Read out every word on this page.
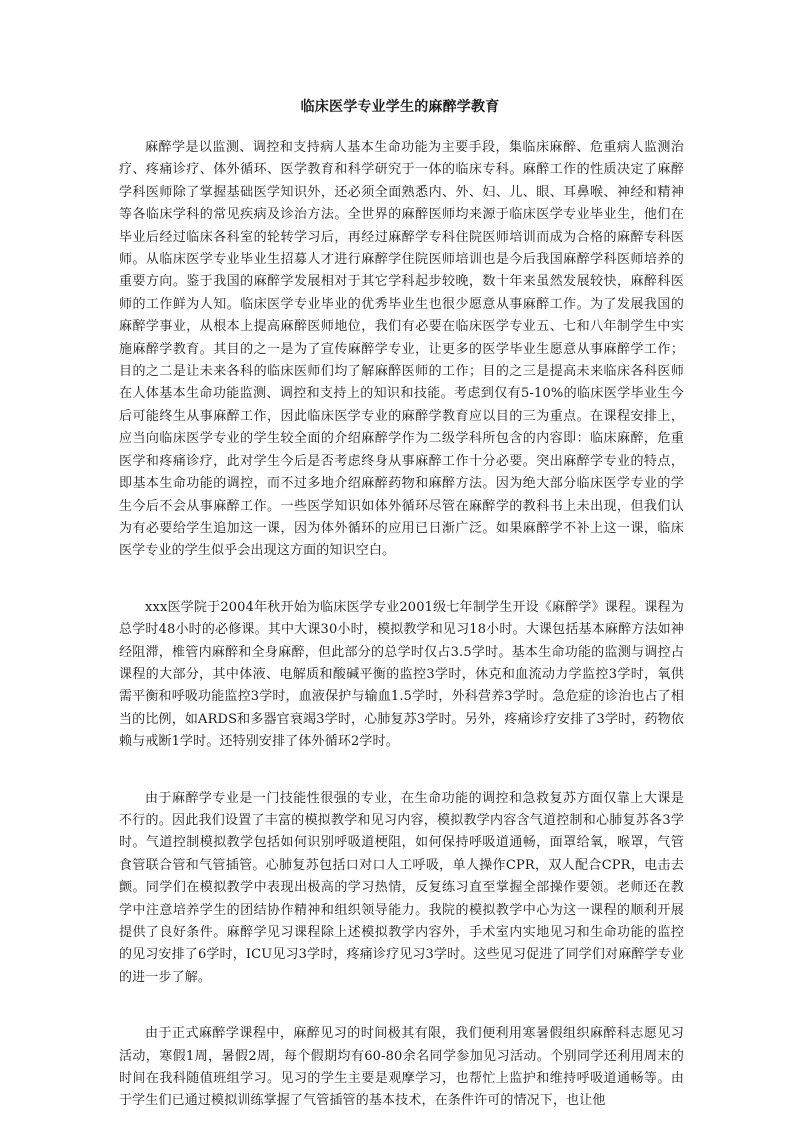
临床医学专业学生的麻醉学教育

麻醉学是以监测、调控和支持病人基本生命功能为主要手段，集临床麻醉、危重病人监测治疗、疼痛诊疗、体外循环、医学教育和科学研究于一体的临床专科。麻醉工作的性质决定了麻醉学科医师除了掌握基础医学知识外，还必须全面熟悉内、外、妇、儿、眼、耳鼻喉、神经和精神等各临床学科的常见疾病及诊治方法。全世界的麻醉医师均来源于临床医学专业毕业生，他们在毕业后经过临床各科室的轮转学习后，再经过麻醉学专科住院医师培训而成为合格的麻醉专科医师。从临床医学专业毕业生招募人才进行麻醉学住院医师培训也是今后我国麻醉学科医师培养的重要方向。鉴于我国的麻醉学发展相对于其它学科起步较晚，数十年来虽然发展较快，麻醉科医师的工作鲜为人知。临床医学专业毕业的优秀毕业生也很少愿意从事麻醉工作。为了发展我国的麻醉学事业，从根本上提高麻醉医师地位，我们有必要在临床医学专业五、七和八年制学生中实施麻醉学教育。其目的之一是为了宣传麻醉学专业，让更多的医学毕业生愿意从事麻醉学工作；目的之二是让未来各科的临床医师们均了解麻醉医师的工作；目的之三是提高未来临床各科医师在人体基本生命功能监测、调控和支持上的知识和技能。考虑到仅有5-10%的临床医学毕业生今后可能终生从事麻醉工作，因此临床医学专业的麻醉学教育应以目的三为重点。在课程安排上，应当向临床医学专业的学生较全面的介绍麻醉学作为二级学科所包含的内容即：临床麻醉，危重医学和疼痛诊疗，此对学生今后是否考虑终身从事麻醉工作十分必要。突出麻醉学专业的特点，即基本生命功能的调控，而不过多地介绍麻醉药物和麻醉方法。因为绝大部分临床医学专业的学生今后不会从事麻醉工作。一些医学知识如体外循环尽管在麻醉学的教科书上未出现，但我们认为有必要给学生追加这一课，因为体外循环的应用已日渐广泛。如果麻醉学不补上这一课，临床医学专业的学生似乎会出现这方面的知识空白。

xxx医学院于2004年秋开始为临床医学专业2001级七年制学生开设《麻醉学》课程。课程为总学时48小时的必修课。其中大课30小时，模拟教学和见习18小时。大课包括基本麻醉方法如神经阻滞，椎管内麻醉和全身麻醉，但此部分的总学时仅占3.5学时。基本生命功能的监测与调控占课程的大部分，其中体液、电解质和酸碱平衡的监控3学时，休克和血流动力学监控3学时，氧供需平衡和呼吸功能监控3学时，血液保护与输血1.5学时，外科营养3学时。急危症的诊治也占了相当的比例，如ARDS和多器官衰竭3学时，心肺复苏3学时。另外，疼痛诊疗安排了3学时，药物依赖与戒断1学时。还特别安排了体外循环2学时。

由于麻醉学专业是一门技能性很强的专业，在生命功能的调控和急救复苏方面仅靠上大课是不行的。因此我们设置了丰富的模拟教学和见习内容，模拟教学内容含气道控制和心肺复苏各3学时。气道控制模拟教学包括如何识别呼吸道梗阻，如何保持呼吸道通畅，面罩给氧，喉罩，气管食管联合管和气管插管。心肺复苏包括口对口人工呼吸，单人操作CPR，双人配合CPR，电击去颤。同学们在模拟教学中表现出极高的学习热情，反复练习直至掌握全部操作要领。老师还在教学中注意培养学生的团结协作精神和组织领导能力。我院的模拟教学中心为这一课程的顺利开展提供了良好条件。麻醉学见习课程除上述模拟教学内容外，手术室内实地见习和生命功能的监控的见习安排了6学时，ICU见习3学时，疼痛诊疗见习3学时。这些见习促进了同学们对麻醉学专业的进一步了解。

由于正式麻醉学课程中，麻醉见习的时间极其有限，我们便利用寒暑假组织麻醉科志愿见习活动，寒假1周，暑假2周，每个假期均有60-80余名同学参加见习活动。个别同学还利用周末的时间在我科随值班组学习。见习的学生主要是观摩学习，也帮忙上监护和维持呼吸道通畅等。由于学生们已通过模拟训练掌握了气管插管的基本技术，在条件许可的情况下，也让他
